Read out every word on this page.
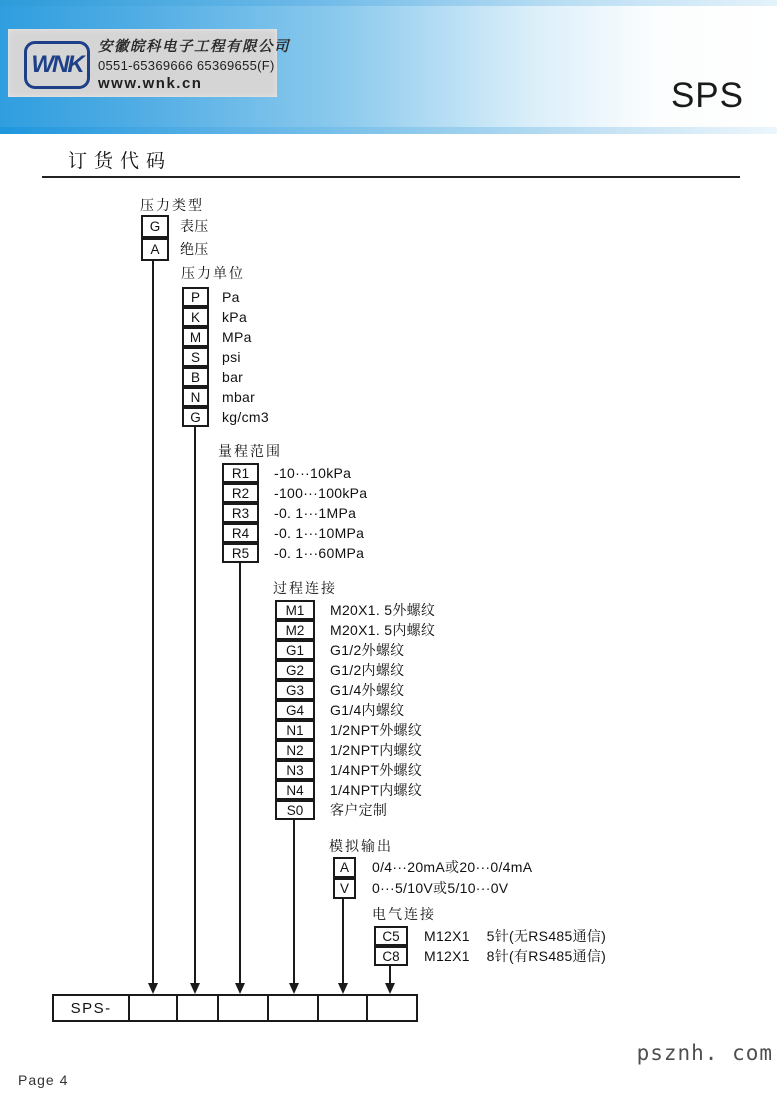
WNK
安徽皖科电子工程有限公司
0551-65369666 65369655(F)
www.wnk.cn	SPS
订货代码
压力类型
G	表压
A	绝压
压力单位
P	Pa
K	kPa
M	MPa
S	psi
B	bar
N	mbar
G	kg/cm3
量程范围
R1	-10···10kPa
R2	-100···100kPa
R3	-0. 1···1MPa
R4	-0. 1···10MPa
R5	-0. 1···60MPa
过程连接
M1	M20X1. 5外螺纹
M2	M20X1. 5内螺纹
G1	G1/2外螺纹
G2	G1/2内螺纹
G3	G1/4外螺纹
G4	G1/4内螺纹
N1	1/2NPT外螺纹
N2	1/2NPT内螺纹
N3	1/4NPT外螺纹
N4	1/4NPT内螺纹
S0	客户定制
模拟输出
A	0/4···20mA或20···0/4mA
V	0···5/10V或5/10···0V
电气连接
C5	M12X1    5针(无RS485通信)
C8	M12X1    8针(有RS485通信)
SPS-
Page 4
psznh. com
